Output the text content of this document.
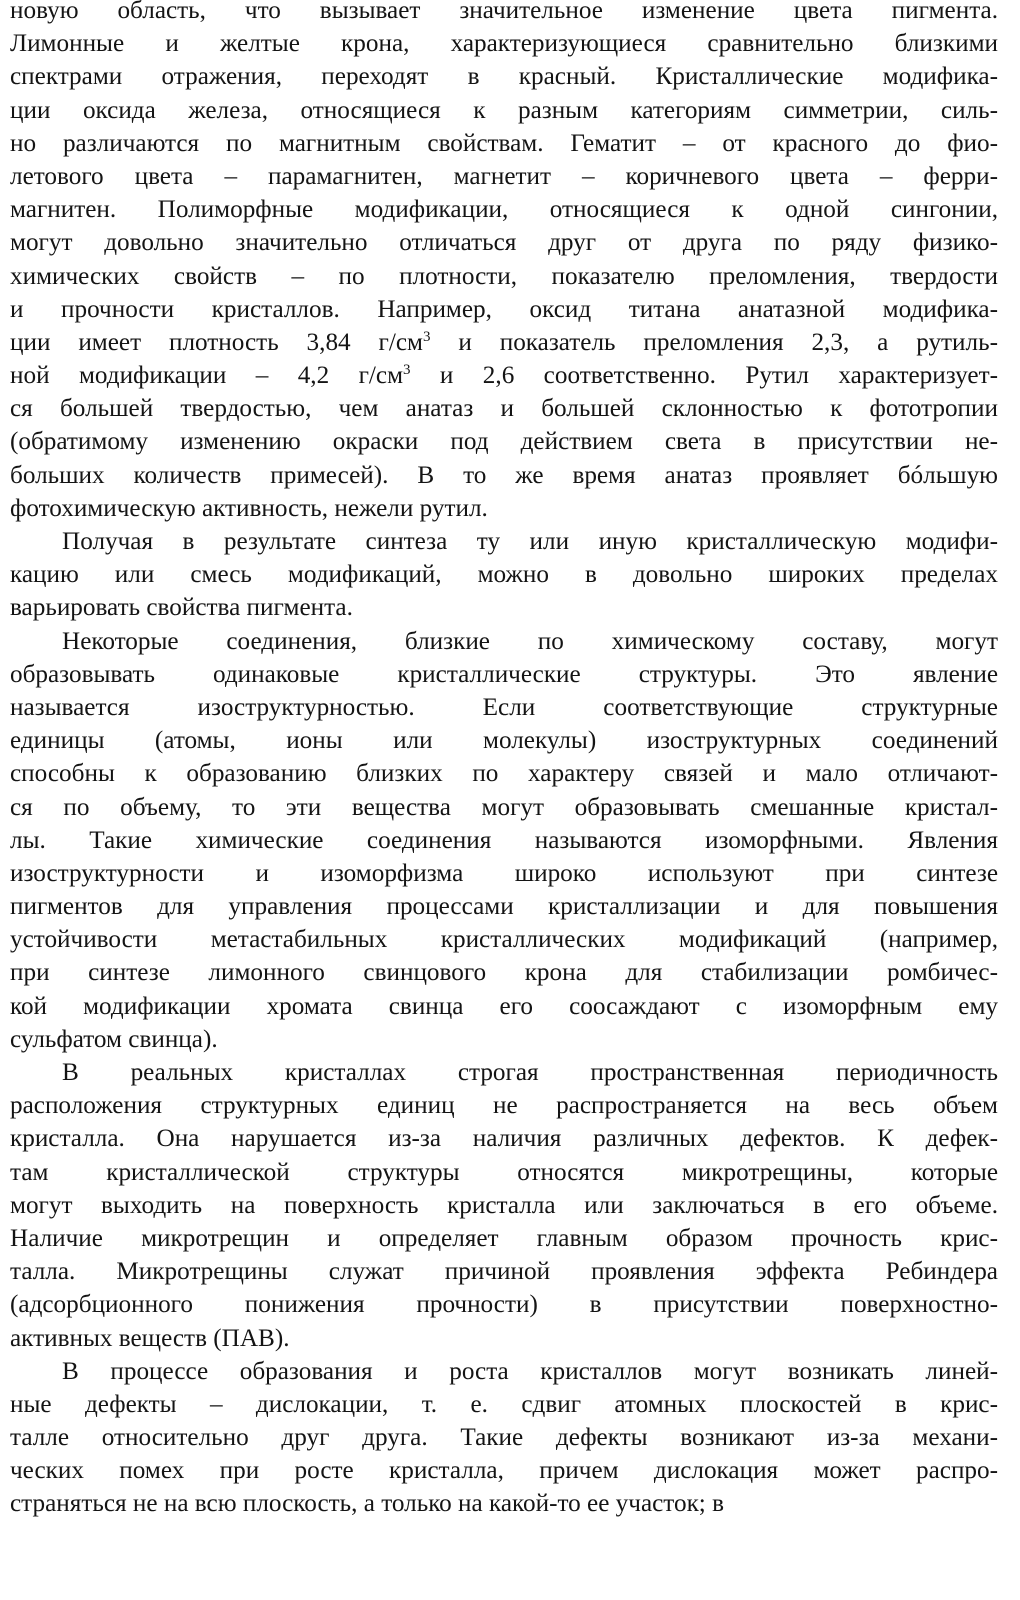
новую область, что вызывает значительное изменение цвета пигмента.
Лимонные и желтые крона, характеризующиеся сравнительно близкими
спектрами отражения, переходят в красный. Кристаллические модифика-
ции оксида железа, относящиеся к разным категориям симметрии, силь-
но различаются по магнитным свойствам. Гематит – от красного до фио-
летового цвета – парамагнитен, магнетит – коричневого цвета – ферри-
магнитен. Полиморфные модификации, относящиеся к одной сингонии,
могут довольно значительно отличаться друг от друга по ряду физико-
химических свойств – по плотности, показателю преломления, твердости
и прочности кристаллов. Например, оксид титана анатазной модифика-
ции имеет плотность 3,84 $г/см^3$ и показатель преломления 2,3, а рутиль-
ной модификации – 4,2 $г/см^3$ и 2,6 соответственно. Рутил характеризует-
ся большей твердостью, чем анатаз и большей склонностью к фототропии
(обратимому изменению окраски под действием света в присутствии не-
больших количеств примесей). В то же время анатаз проявляет бóльшую
фотохимическую активность, нежели рутил.
Получая в результате синтеза ту или иную кристаллическую модифи-
кацию или смесь модификаций, можно в довольно широких пределах
варьировать свойства пигмента.
Некоторые соединения, близкие по химическому составу, могут
образовывать одинаковые кристаллические структуры. Это явление
называется изоструктурностью. Если соответствующие структурные
единицы (атомы, ионы или молекулы) изоструктурных соединений
способны к образованию близких по характеру связей и мало отличают-
ся по объему, то эти вещества могут образовывать смешанные кристал-
лы. Такие химические соединения называются изоморфными. Явления
изоструктурности и изоморфизма широко используют при синтезе
пигментов для управления процессами кристаллизации и для повышения
устойчивости метастабильных кристаллических модификаций (например,
при синтезе лимонного свинцового крона для стабилизации ромбичес-
кой модификации хромата свинца его соосаждают с изоморфным ему
сульфатом свинца).
В реальных кристаллах строгая пространственная периодичность
расположения структурных единиц не распространяется на весь объем
кристалла. Она нарушается из-за наличия различных дефектов. К дефек-
там кристаллической структуры относятся микротрещины, которые
могут выходить на поверхность кристалла или заключаться в его объеме.
Наличие микротрещин и определяет главным образом прочность крис-
талла. Микротрещины служат причиной проявления эффекта Ребиндера
(адсорбционного понижения прочности) в присутствии поверхностно-
активных веществ (ПАВ).
В процессе образования и роста кристаллов могут возникать линей-
ные дефекты – дислокации, т. е. сдвиг атомных плоскостей в крис-
талле относительно друг друга. Такие дефекты возникают из-за механи-
ческих помех при росте кристалла, причем дислокация может распро-
страняться не на всю плоскость, а только на какой-то ее участок; в
